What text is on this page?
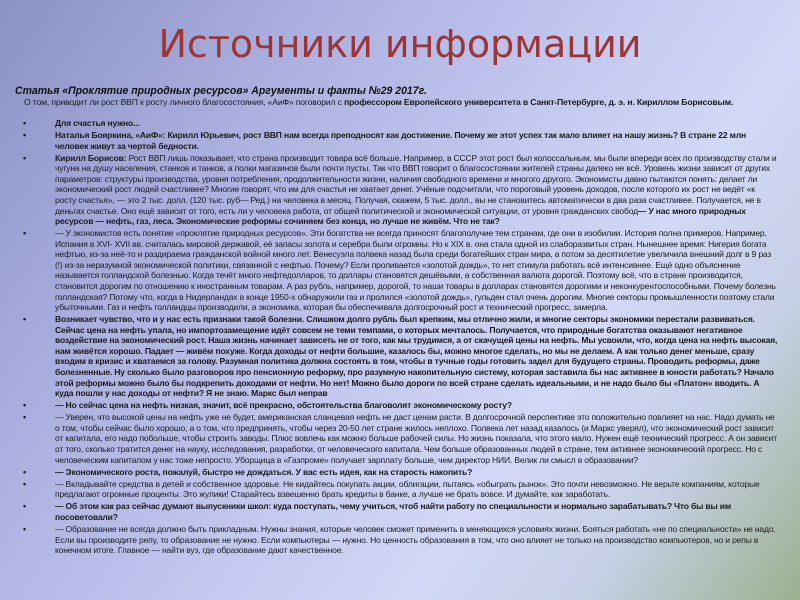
Источники информации
Статья «Проклятие природных ресурсов» Аргументы и факты №29 2017г.
О том, приводит ли рост ВВП к росту личного благосостояния, «АиФ» поговорил с профессором Европейского университета в Санкт-Петербурге, д. э. н. Кириллом Борисовым.
•	Для счастья нужно...
•	Наталья Бояркина, «АиФ»: Кирилл Юрьевич, рост ВВП нам всегда преподносят как достижение. Почему же этот успех так мало влияет на нашу жизнь? В стране 22 млн человек живут за чертой бедности.
•	Кирилл Борисов: Рост ВВП лишь показывает, что страна производит товара всё больше. Например, в СССР этот рост был колоссальным, мы были впереди всех по производству стали и чугуна на душу населения, станков и танков, а полки магазинов были почти пусты. Так что ВВП говорит о благосостоянии жителей страны далеко не всё. Уровень жизни зависит от других параметров: структуры производства, уровня потребления, продолжительности жизни, наличия свободного времени и многого другого. Экономисты давно пытаются понять: делает ли экономический рост людей счастливее? Многие говорят, что им для счастья не хватает денег. Учёные подсчитали, что пороговый уровень доходов, после которого их рост не ведёт «к росту счастья», — это 2 тыс. долл. (120 тыс. руб— Ред.) на человека в месяц. Получая, скажем, 5 тыс. долл., вы не становитесь автоматически в два раза счастливее. Получается, не в деньгах счастье. Оно ещё зависит от того, есть ли у человека работа, от общей политической и экономической ситуации, от уровня гражданских свобод— У нас много природных ресурсов — нефть, газ, леса. Экономические реформы сочиняем без конца, но лучше не живём. Что не так?
•	— У экономистов есть понятие «проклятие природных ресурсов». Эти богатства не всегда приносят благополучие тем странам, где они в изобилии. История полна примеров. Например, Испания в XVI- XVII вв. считалась мировой державой, её запасы золота и серебра были огромны. Но к XIX в. она стала одной из слаборазвитых стран. Нынешнее время: Нигерия богата нефтью, из-за неё-то и раздираема гражданской войной много лет. Венесуэла полвека назад была среди богатейших стран мира, а потом за десятилетие увеличила внешний долг в 9 раз (!) из-за неразумной экономической политики, связанной с нефтью. Почему? Если проливается «золотой дождь», то нет стимула работать всё интенсивнее. Ещё одно объяснение называется голландской болезнью. Когда течёт много нефтедолларов, то доллары становятся дешёвыми, а собственная валюта дорогой. Поэтому всё, что в стране производится, становится дорогим по отношению к иностранным товарам. А раз рубль, например, дорогой, то наши товары в долларах становятся дорогими и неконкурентоспособными. Почему болезнь голландская? Потому что, когда в Нидерландах в конце 1950-х обнаружили газ и пролился «золотой дождь», гульден стал очень дорогим. Многие секторы промышленности поэтому стали убыточными. Газ и нефть голландцы производили, а экономика, которая бы обеспечивала долгосрочный рост и технический прогресс, замерла.
•	Возникает чувство, что и у нас есть признаки такой болезни. Слишком долго рубль был крепким, мы отлично жили, и многие секторы экономики перестали развиваться. Сейчас цена на нефть упала, но импортозамещение идёт совсем не теми темпами, о которых мечталось. Получается, что природные богатства оказывают негативное воздействие на экономический рост. Наша жизнь начинает зависеть не от того, как мы трудимся, а от скачущей цены на нефть. Мы усвоили, что, когда цена на нефть высокая, нам живётся хорошо. Падает — живём похуже. Когда доходы от нефти большие, казалось бы, можно многое сделать, но мы не делаем. А как только денег меньше, сразу входим в кризис и хватаемся за голову. Разумная политика должна состоять в том, чтобы в тучные годы готовить задел для будущего страны. Проводить реформы, даже болезненные. Ну сколько было разговоров про пенсионную реформу, про разумную накопительную систему, которая заставила бы нас активнее в юности работать? Начало этой реформы можно было бы подкрепить доходами от нефти. Но нет! Можно было дороги по всей стране сделать идеальными, и не надо было бы «Платон» вводить. А куда пошли у нас доходы от нефти? Я не знаю. Маркс был неправ
•	— Но сейчас цена на нефть низкая, значит, всё прекрасно, обстоятельства благоволят экономическому росту?
•	— Уверен, что высокой цены на нефть уже не будет, американская сланцевая нефть не даст ценам расти. В долгосрочной перспективе это положительно повлияет на нас. Надо думать не о том, чтобы сейчас было хорошо, а о том, что предпринять, чтобы через 20-50 лет стране жилось неплохо. Полвека лет назад казалось (и Маркс уверял), что экономический рост зависит от капитала, его надо побольше, чтобы строить заводы. Плюс вовлечь как можно больше рабочей силы. Но жизнь показала, что этого мало. Нужен ещё технический прогресс. А он зависит от того, сколько тратится денег на науку, исследования, разработки, от человеческого капитала. Чем больше образованных людей в стране, тем активнее экономический прогресс. Но с человеческим капиталом у нас тоже непросто. Уборщица в «Газпроме» получает зарплату больше, чем директор НИИ. Велик ли смысл в образовании?
•	— Экономического роста, пожалуй, быстро не дождаться. У вас есть идея, как на старость накопить?
•	— Вкладывайте средства в детей и собственное здоровье. Не кидайтесь покупать акции, облигации, пытаясь «обыграть рынок». Это почти невозможно. Не верьте компаниям, которые предлагают огромные проценты. Это жулики! Старайтесь взвешенно брать кредиты в банке, а лучше не брать вовсе. И думайте, как заработать.
•	— Об этом как раз сейчас думают выпускники школ: куда поступать, чему учиться, чтоб найти работу по специальности и нормально зарабатывать? Что бы вы им посоветовали?
•	— Образование не всегда должно быть прикладным. Нужны знания, которые человек сможет применить в меняющихся условиях жизни. Бояться работать «не по специальности» не надо. Если вы производите репу, то образование не нужно. Если компьютеры — нужно. Но ценность образования в том, что оно влияет не только на производство компьютеров, но и репы в конечном итоге. Главное — найти вуз, где образование дают качественное.
